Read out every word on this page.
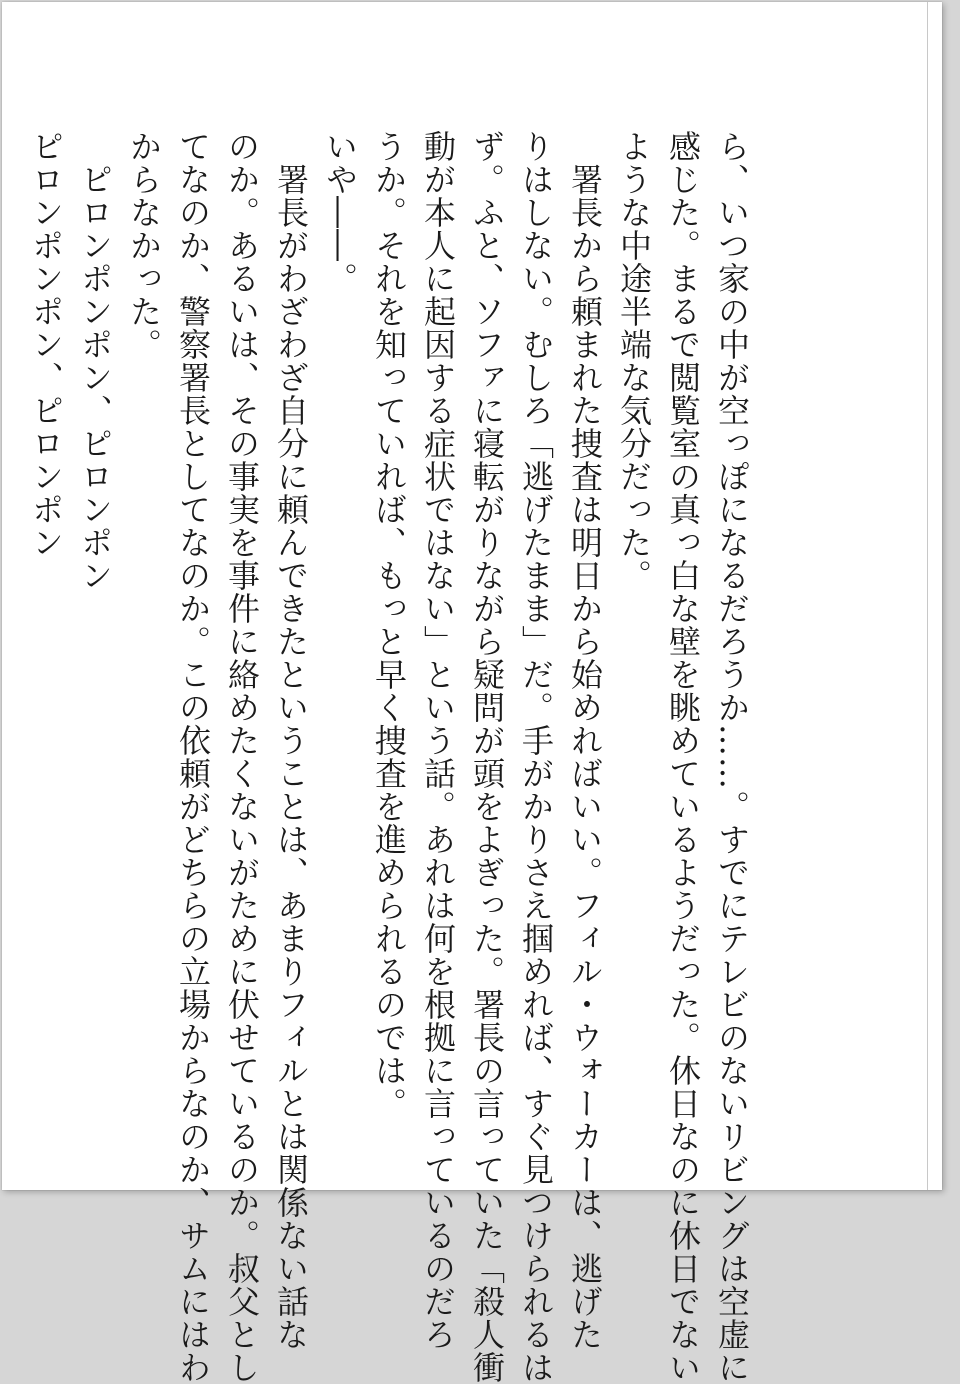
ら、いつ家の中が空っぽになるだろうか……。すでにテレビのないリビングは空虚に
感じた。まるで閲覧室の真っ白な壁を眺めているようだった。休日なのに休日でない
ような中途半端な気分だった。
　署長から頼まれた捜査は明日から始めればいい。フィル・ウォーカーは、逃げた
りはしない。むしろ「逃げたまま」だ。手がかりさえ掴めれば、すぐ見つけられるは
ず。ふと、ソファに寝転がりながら疑問が頭をよぎった。署長の言っていた「殺人衝
動が本人に起因する症状ではない」という話。あれは何を根拠に言っているのだろ
うか。それを知っていれば、もっと早く捜査を進められるのでは。
いや――。
　署長がわざわざ自分に頼んできたということは、あまりフィルとは関係ない話な
のか。あるいは、その事実を事件に絡めたくないがために伏せているのか。叔父とし
てなのか、警察署長としてなのか。この依頼がどちらの立場からなのか、サムにはわ
からなかった。
　ピロンポンポン、ピロンポン
ピロンポンポン、ピロンポン
